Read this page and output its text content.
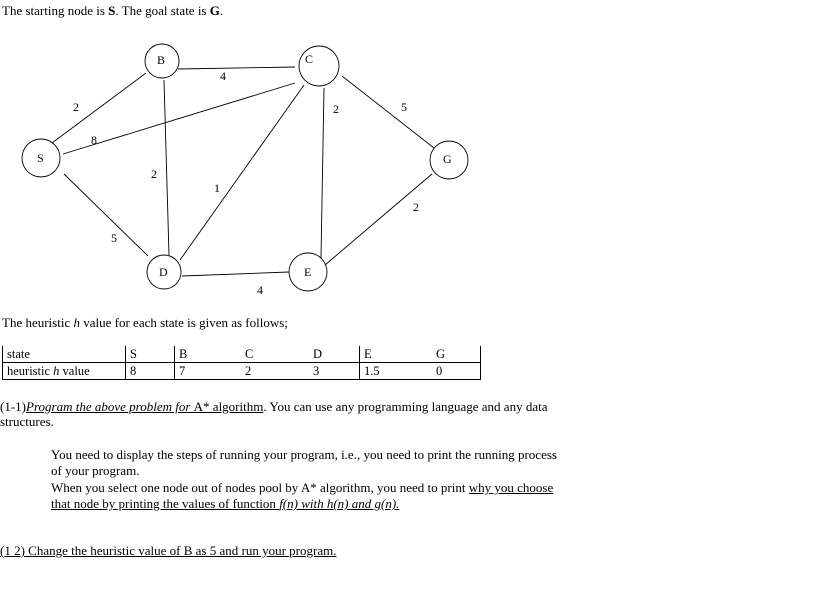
The starting node is S. The goal state is G.
S
B	C
D	E
G
2
8
5
4
2
1
2	5
4
2
The heuristic h value for each state is given as follows;
state	S	B	C	D	E	G
heuristic h value	8	7	2	3	1.5	0
(1-1)Program the above problem for A* algorithm. You can use any programming language and any data
structures.
You need to display the steps of running your program, i.e., you need to print the running process
of your program.
When you select one node out of nodes pool by A* algorithm, you need to print why you choose
that node by printing the values of function f(n) with h(n) and g(n).
(1 2) Change the heuristic value of B as 5 and run your program.
